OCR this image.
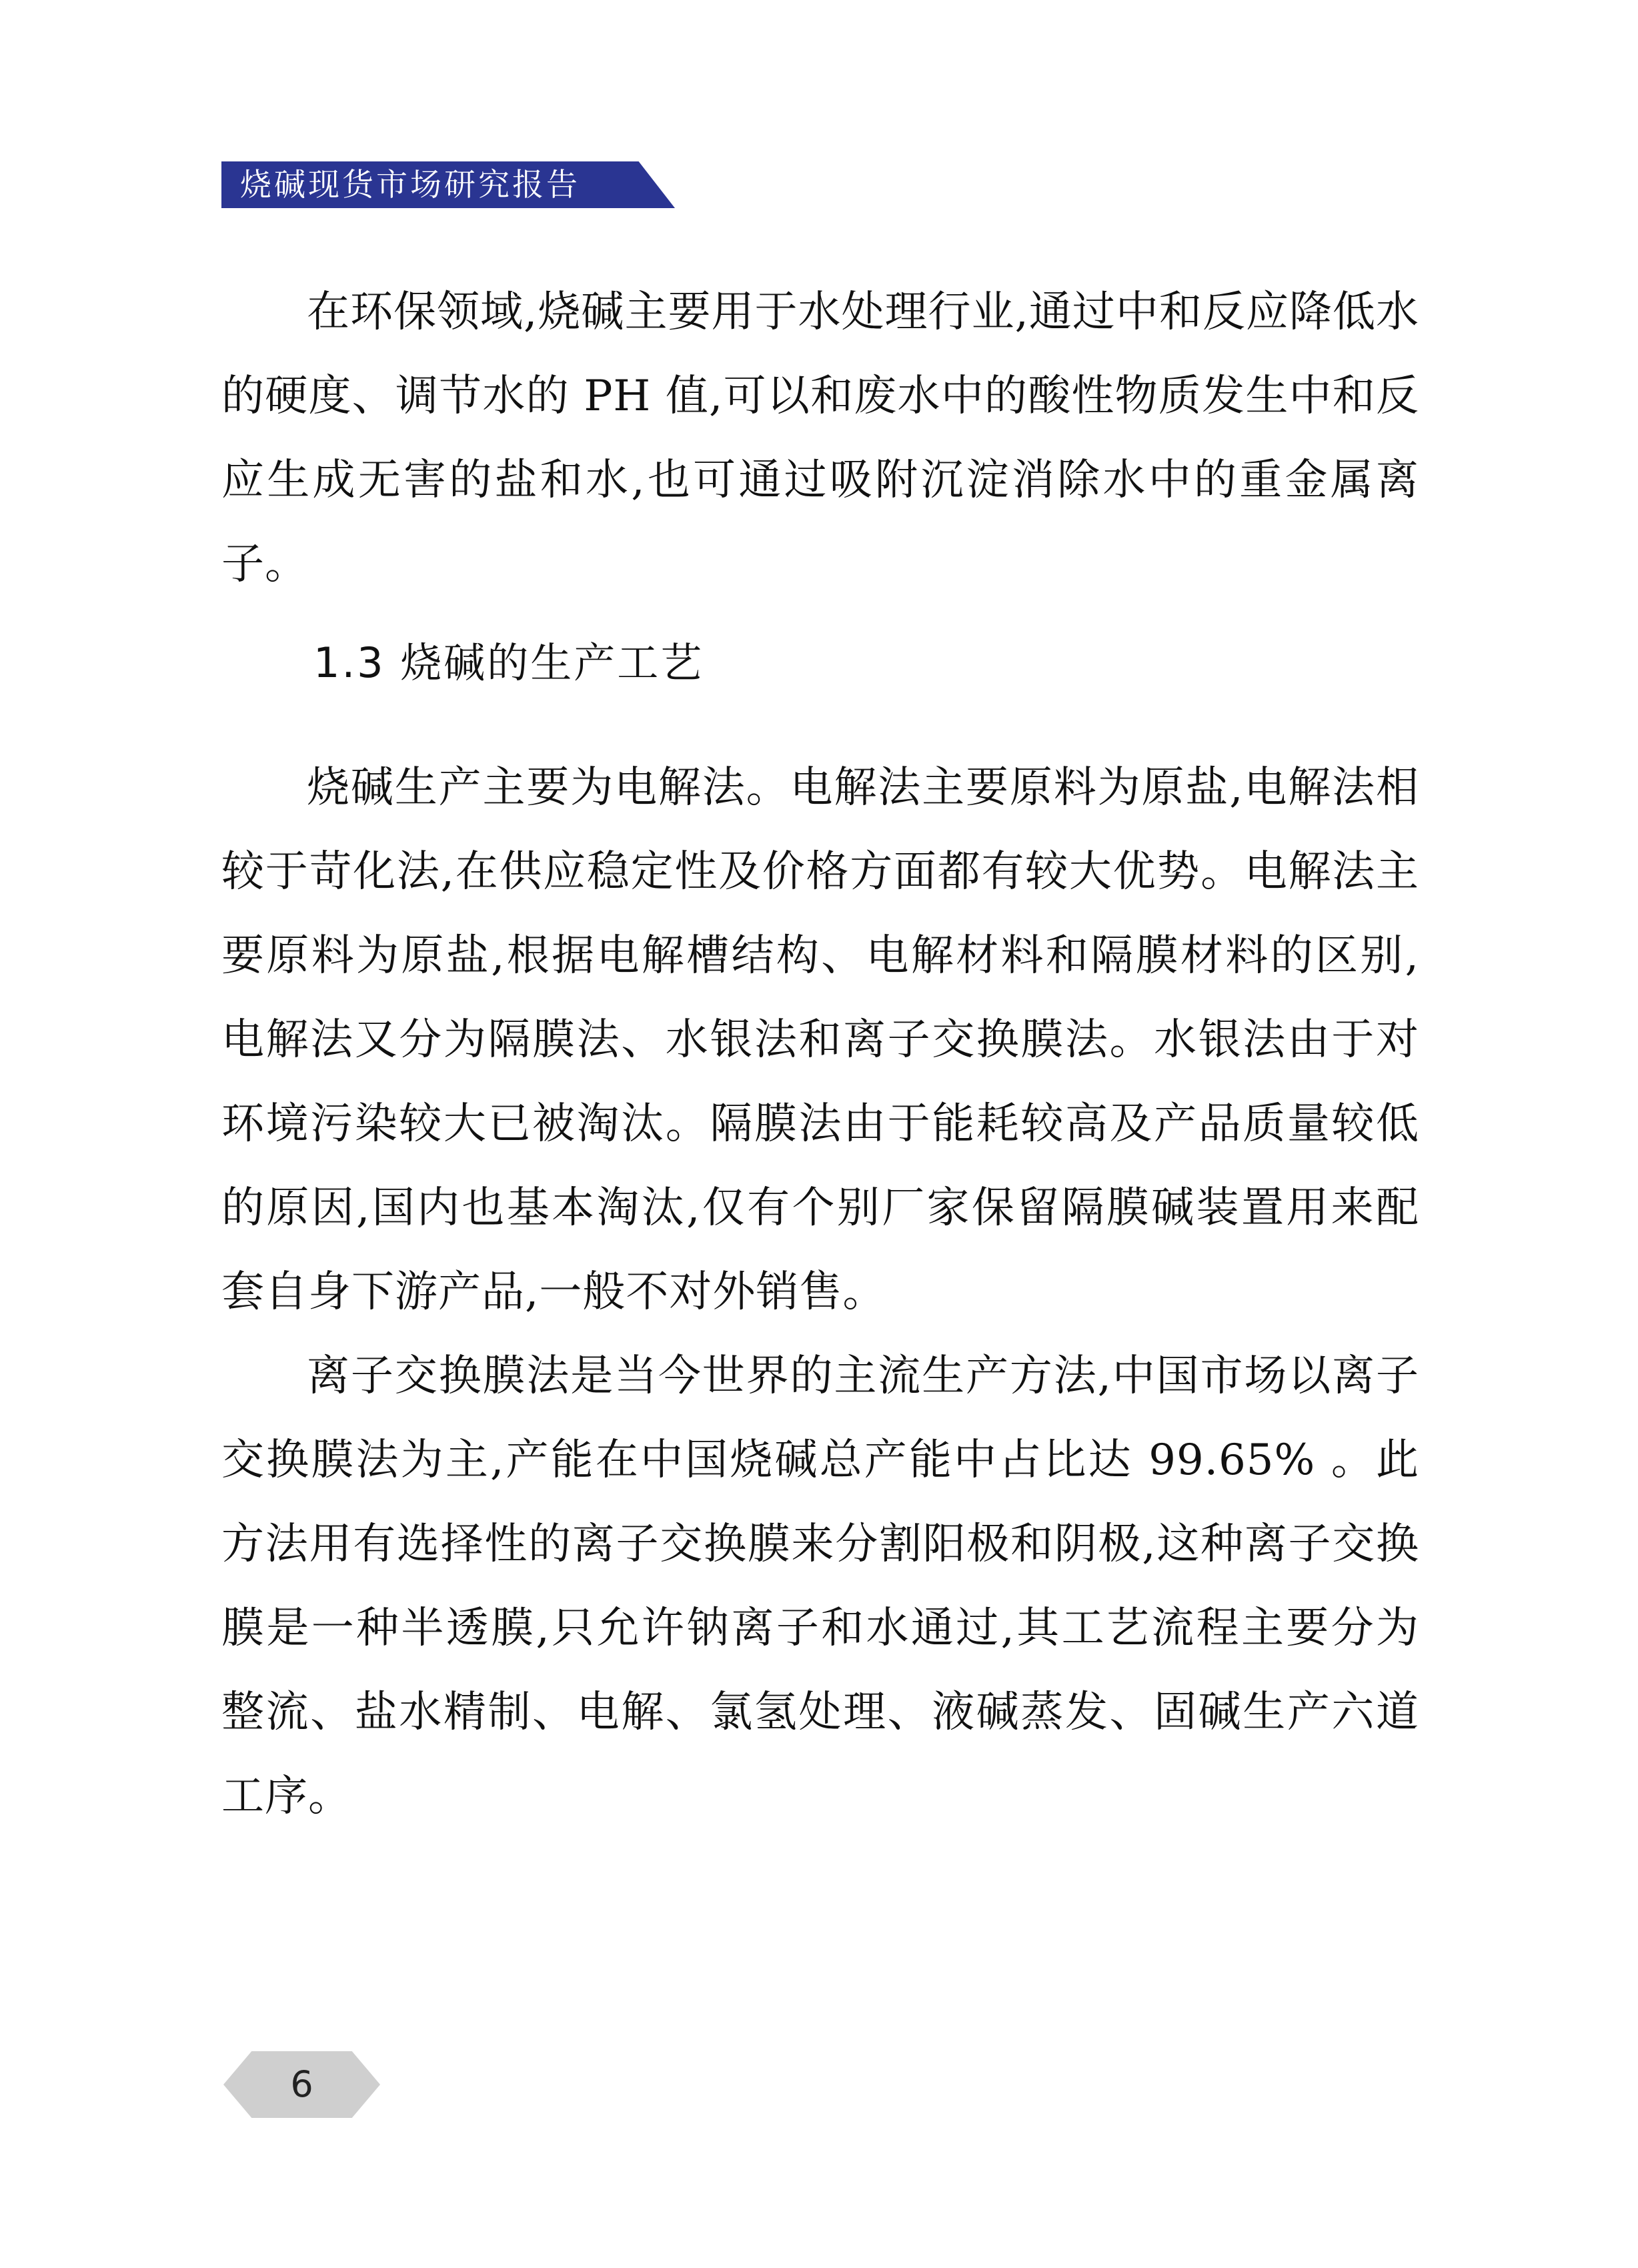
烧碱现货市场研究报告

在环保领域,烧碱主要用于水处理行业,通过中和反应降低水的硬度、调节水的 PH 值,可以和废水中的酸性物质发生中和反应生成无害的盐和水,也可通过吸附沉淀消除水中的重金属离子。

1.3 烧碱的生产工艺

烧碱生产主要为电解法。电解法主要原料为原盐,电解法相较于苛化法,在供应稳定性及价格方面都有较大优势。电解法主要原料为原盐,根据电解槽结构、电解材料和隔膜材料的区别,电解法又分为隔膜法、水银法和离子交换膜法。水银法由于对环境污染较大已被淘汰。隔膜法由于能耗较高及产品质量较低的原因,国内也基本淘汰,仅有个别厂家保留隔膜碱装置用来配套自身下游产品,一般不对外销售。

离子交换膜法是当今世界的主流生产方法,中国市场以离子交换膜法为主,产能在中国烧碱总产能中占比达 99.65% 。此方法用有选择性的离子交换膜来分割阳极和阴极,这种离子交换膜是一种半透膜,只允许钠离子和水通过,其工艺流程主要分为整流、盐水精制、电解、氯氢处理、液碱蒸发、固碱生产六道工序。

6
